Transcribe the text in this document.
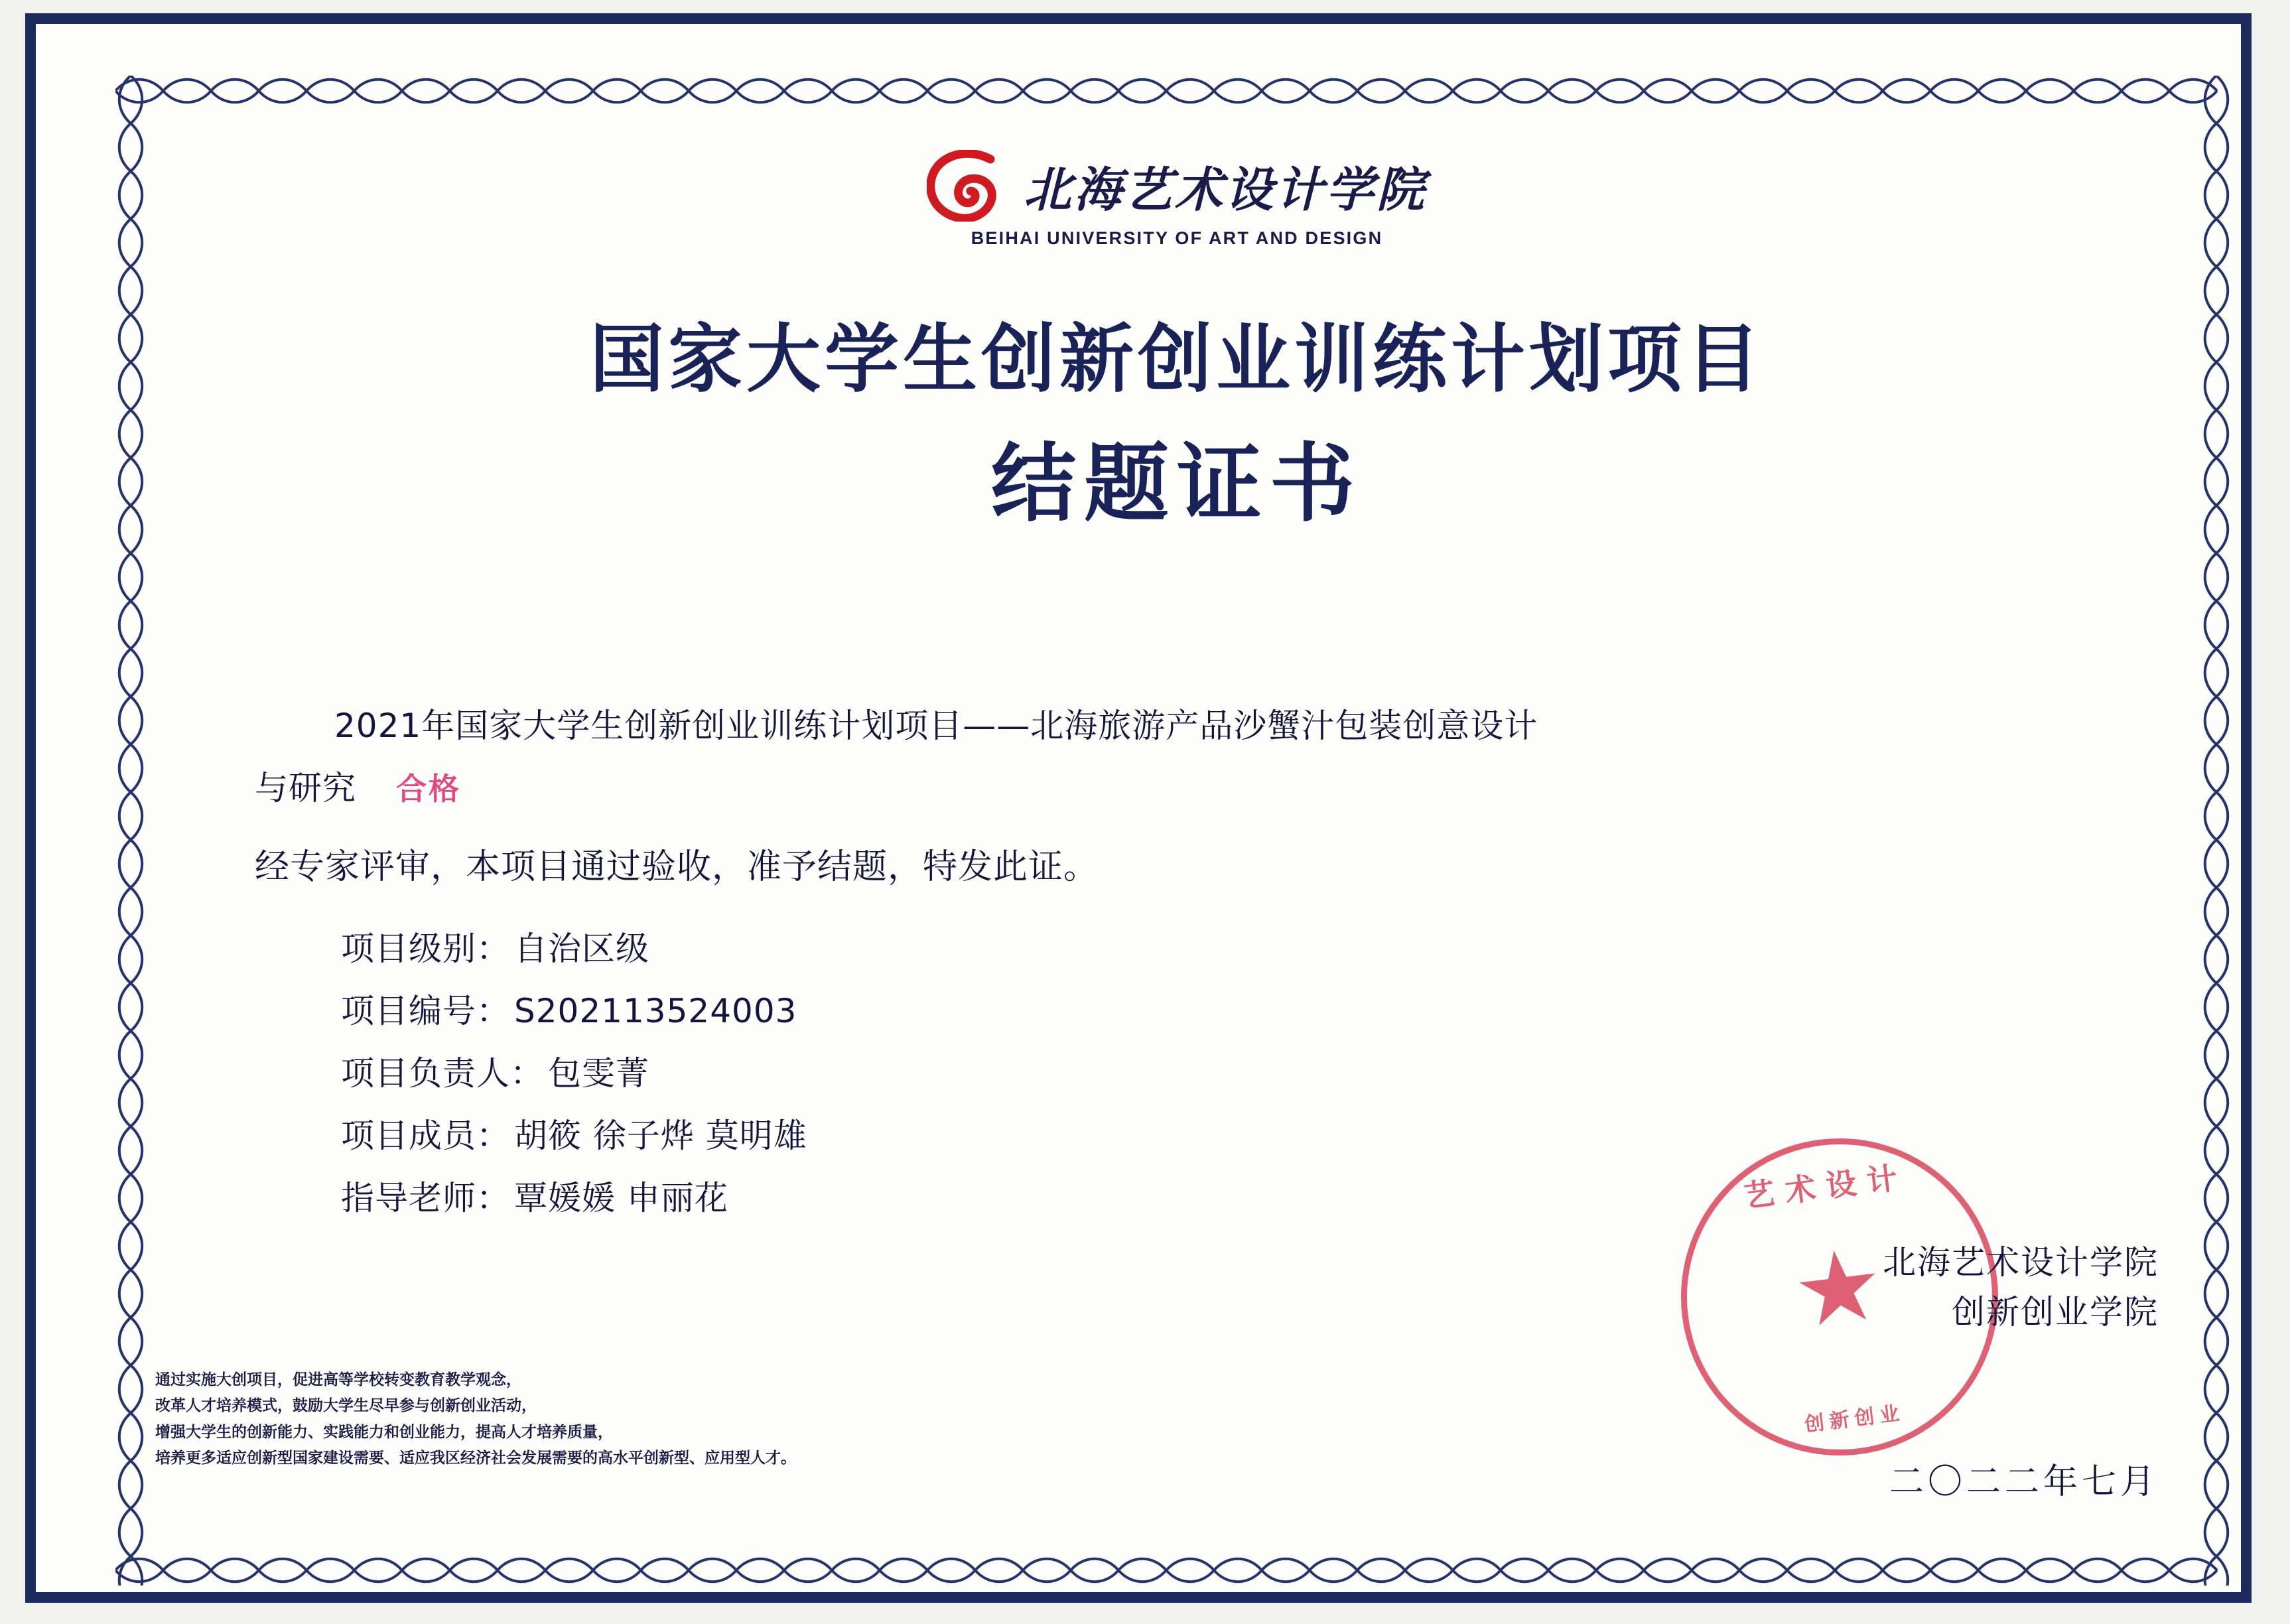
北海艺术设计学院
BEIHAI UNIVERSITY OF ART AND DESIGN
国家大学生创新创业训练计划项目
结题证书
2021年国家大学生创新创业训练计划项目——北海旅游产品沙蟹汁包装创意设计
与研究 合格
经专家评审，本项目通过验收，准予结题，特发此证。
项目级别： 自治区级
项目编号： S202113524003
项目负责人： 包雯菁
项目成员： 胡筱 徐子烨 莫明雄
指导老师： 覃媛媛 申丽花
通过实施大创项目，促进高等学校转变教育教学观念，
改革人才培养模式，鼓励大学生尽早参与创新创业活动，
增强大学生的创新能力、实践能力和创业能力，提高人才培养质量，
培养更多适应创新型国家建设需要、适应我区经济社会发展需要的高水平创新型、应用型人才。
艺术设计
★
创新创业
北海艺术设计学院
创新创业学院
二〇二二年七月
